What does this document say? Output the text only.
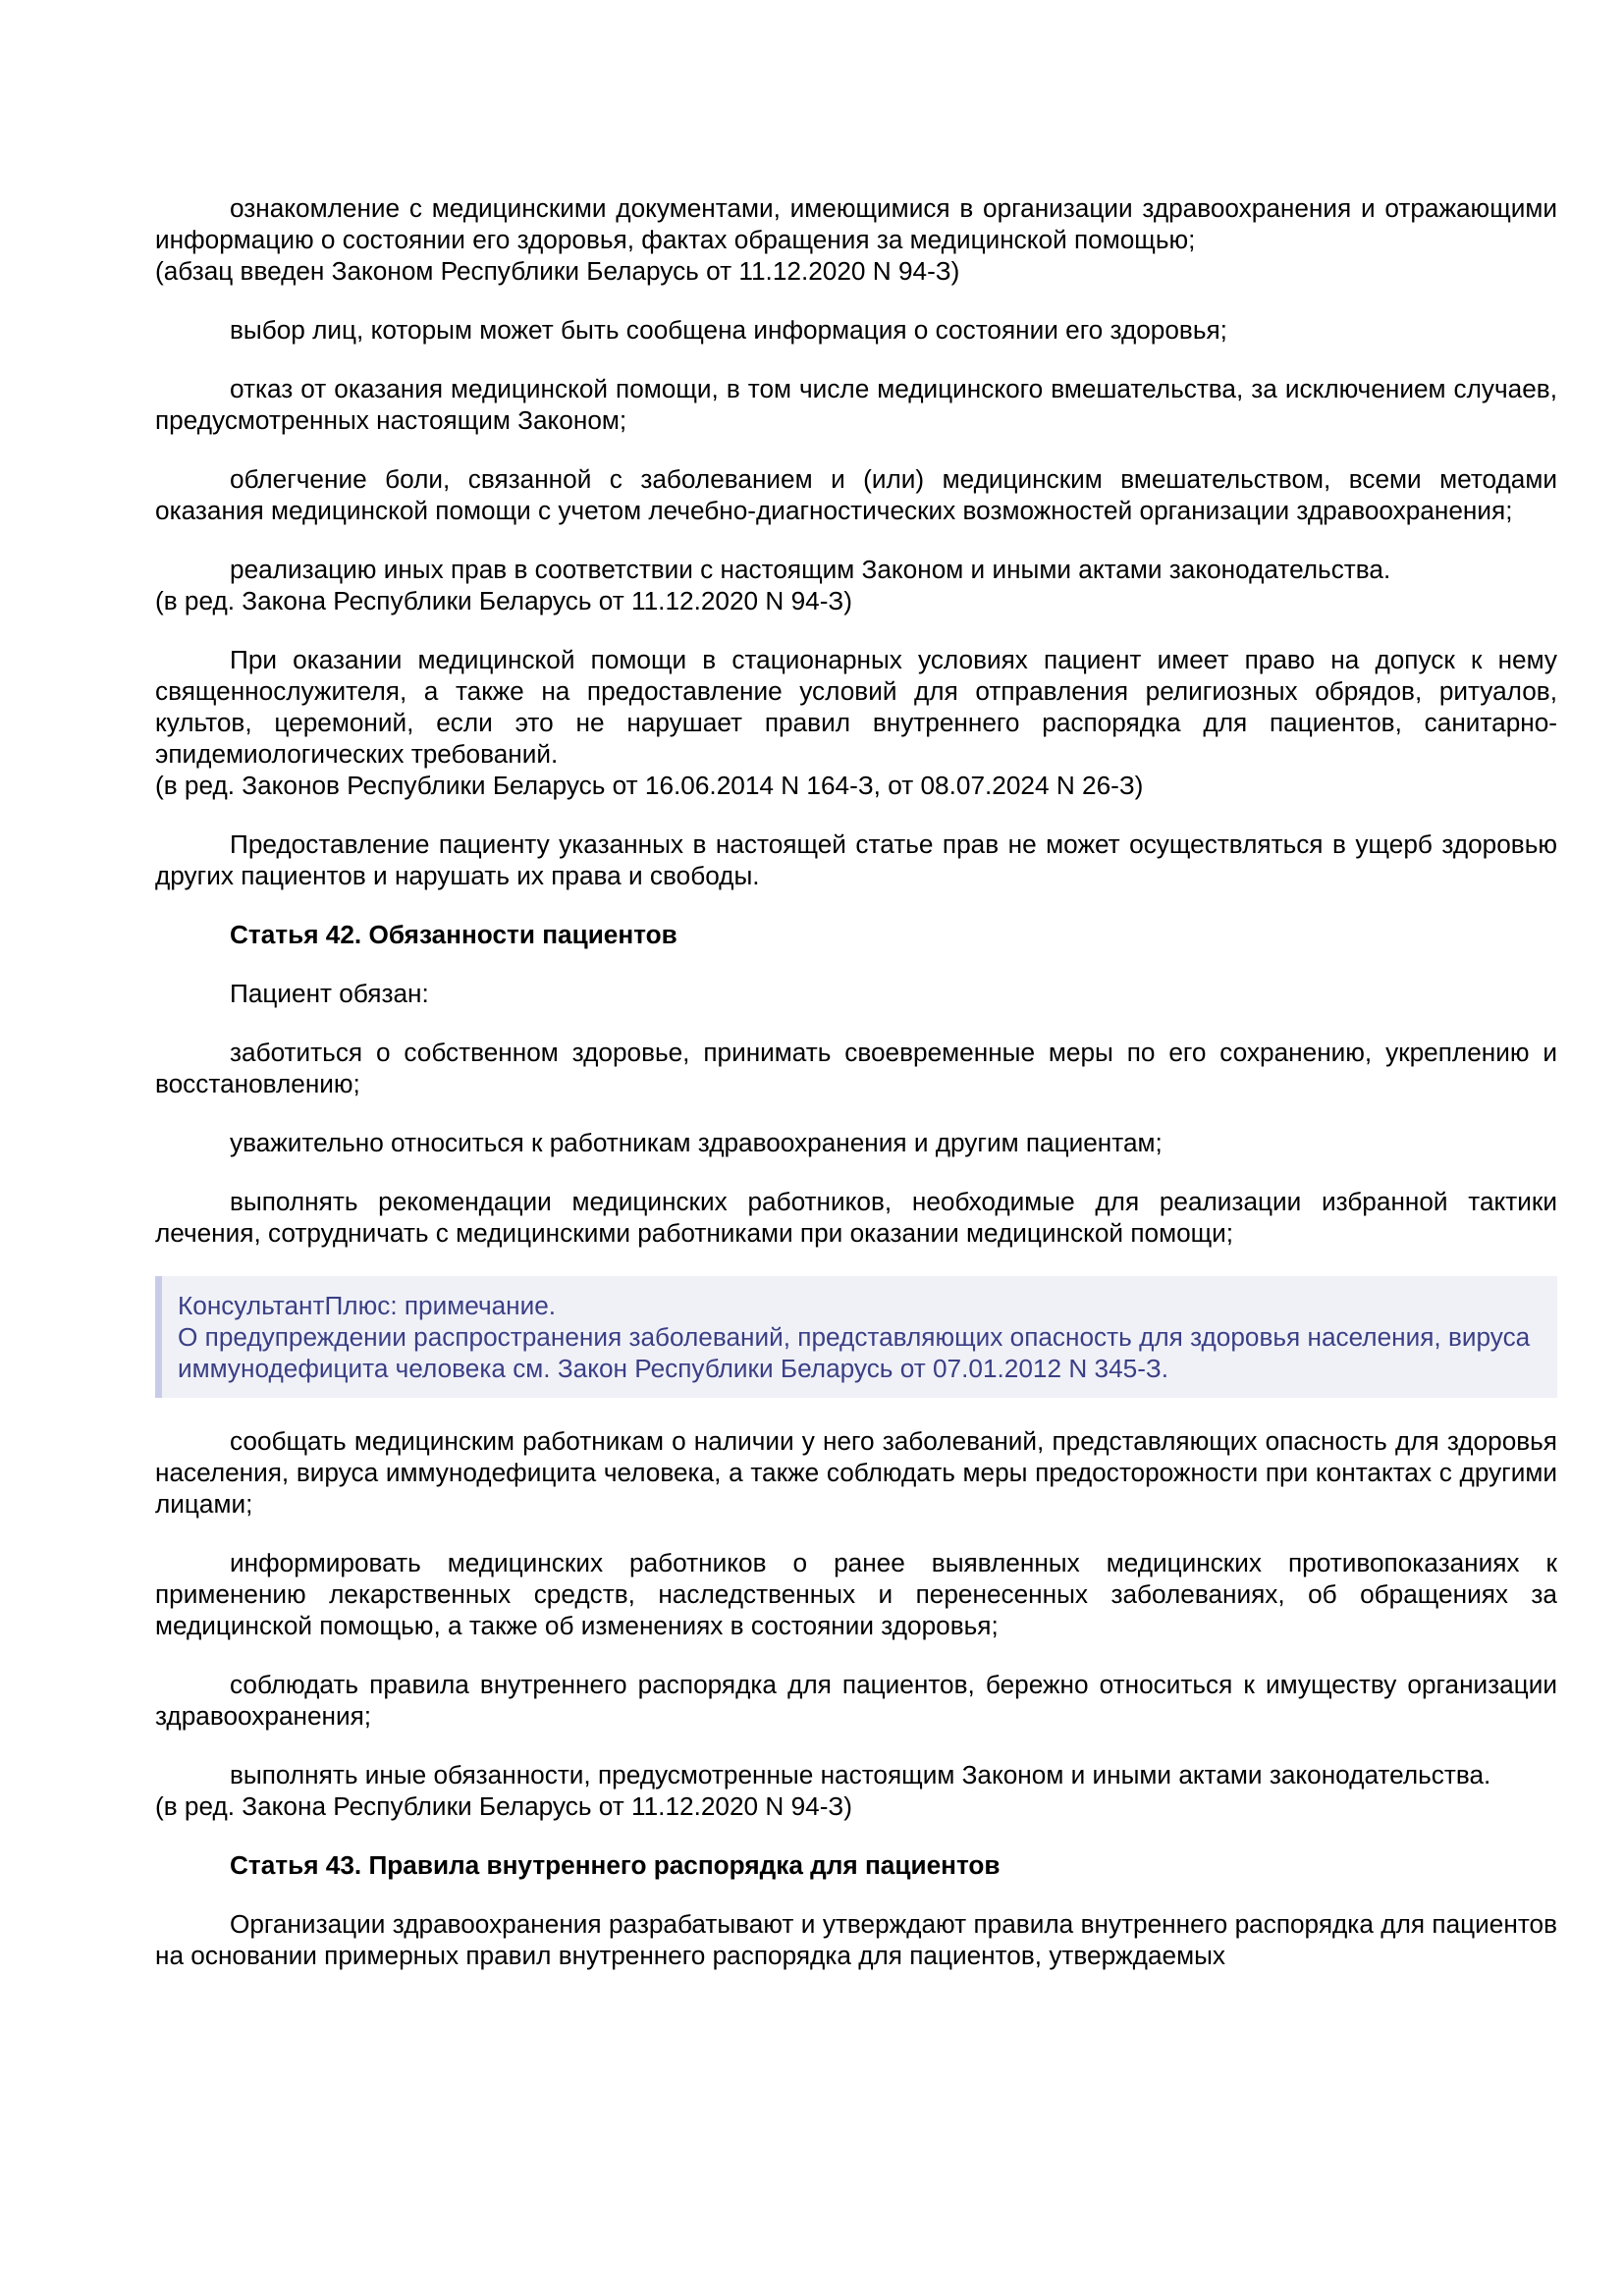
ознакомление с медицинскими документами, имеющимися в организации здравоохранения и отражающими информацию о состоянии его здоровья, фактах обращения за медицинской помощью;

(абзац введен Законом Республики Беларусь от 11.12.2020 N 94-З)

выбор лиц, которым может быть сообщена информация о состоянии его здоровья;

отказ от оказания медицинской помощи, в том числе медицинского вмешательства, за исключением случаев, предусмотренных настоящим Законом;

облегчение боли, связанной с заболеванием и (или) медицинским вмешательством, всеми методами оказания медицинской помощи с учетом лечебно-диагностических возможностей организации здравоохранения;

реализацию иных прав в соответствии с настоящим Законом и иными актами законодательства.

(в ред. Закона Республики Беларусь от 11.12.2020 N 94-З)

При оказании медицинской помощи в стационарных условиях пациент имеет право на допуск к нему священнослужителя, а также на предоставление условий для отправления религиозных обрядов, ритуалов, культов, церемоний, если это не нарушает правил внутреннего распорядка для пациентов, санитарно-эпидемиологических требований.

(в ред. Законов Республики Беларусь от 16.06.2014 N 164-З, от 08.07.2024 N 26-З)

Предоставление пациенту указанных в настоящей статье прав не может осуществляться в ущерб здоровью других пациентов и нарушать их права и свободы.

Статья 42. Обязанности пациентов

Пациент обязан:

заботиться о собственном здоровье, принимать своевременные меры по его сохранению, укреплению и восстановлению;

уважительно относиться к работникам здравоохранения и другим пациентам;

выполнять рекомендации медицинских работников, необходимые для реализации избранной тактики лечения, сотрудничать с медицинскими работниками при оказании медицинской помощи;

КонсультантПлюс: примечание.

О предупреждении распространения заболеваний, представляющих опасность для здоровья населения, вируса иммунодефицита человека см. Закон Республики Беларусь от 07.01.2012 N 345-З.

сообщать медицинским работникам о наличии у него заболеваний, представляющих опасность для здоровья населения, вируса иммунодефицита человека, а также соблюдать меры предосторожности при контактах с другими лицами;

информировать медицинских работников о ранее выявленных медицинских противопоказаниях к применению лекарственных средств, наследственных и перенесенных заболеваниях, об обращениях за медицинской помощью, а также об изменениях в состоянии здоровья;

соблюдать правила внутреннего распорядка для пациентов, бережно относиться к имуществу организации здравоохранения;

выполнять иные обязанности, предусмотренные настоящим Законом и иными актами законодательства.

(в ред. Закона Республики Беларусь от 11.12.2020 N 94-З)

Статья 43. Правила внутреннего распорядка для пациентов

Организации здравоохранения разрабатывают и утверждают правила внутреннего распорядка для пациентов на основании примерных правил внутреннего распорядка для пациентов, утверждаемых
